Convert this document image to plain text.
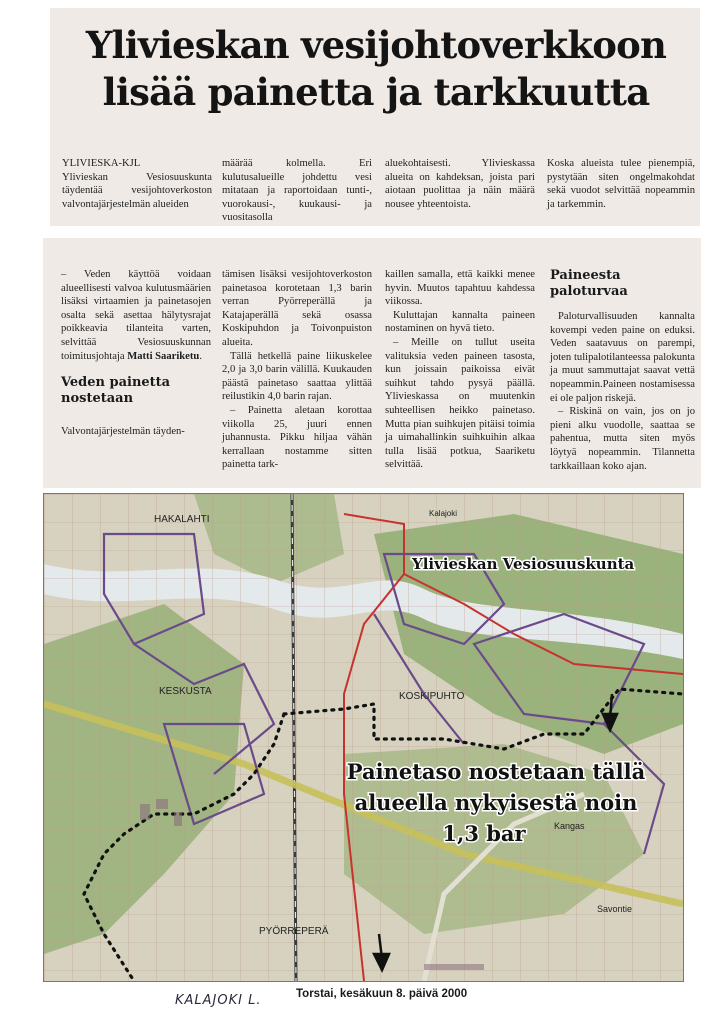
Ylivieskan vesijohtoverkkoon
lisää painetta ja tarkkuutta
YLIVIESKA-KJL
Ylivieskan Vesiosuuskunta täydentää vesijohtoverkoston valvontajärjestelmän alueiden
määrää kolmella. Eri kulutusalueille johdettu vesi mitataan ja raportoidaan tunti-, vuorokausi-, kuukausi- ja vuositasolla
aluekohtaisesti. Ylivieskassa alueita on kahdeksan, joista pari aiotaan puolittaa ja näin määrä nousee yhteentoista.
Koska alueista tulee pienempiä, pystytään siten ongelmakohdat sekä vuodot selvittää nopeammin ja tarkemmin.

– Veden käyttöä voidaan alueellisesti valvoa kulutusmäärien lisäksi virtaamien ja painetasojen osalta sekä asettaa hälytysrajat poikkeavia tilanteita varten, selvittää Vesiosuuskunnan toimitusjohtaja Matti Saariketu.

Veden painetta nostetaan

Valvontajärjestelmän täyden-

tämisen lisäksi vesijohtoverkoston painetasoa korotetaan 1,3 barin verran Pyörreperällä ja Katajaperällä sekä osassa Koskipuhdon ja Toivonpuiston alueita.

Tällä hetkellä paine liikuskelee 2,0 ja 3,0 barin välillä. Kuukauden päästä painetaso saattaa ylittää reilustikin 4,0 barin rajan.

– Painetta aletaan korottaa viikolla 25, juuri ennen juhannusta. Pikku hiljaa vähän kerrallaan nostamme sitten painetta tark-

kaillen samalla, että kaikki menee hyvin. Muutos tapahtuu kahdessa viikossa.

Kuluttajan kannalta paineen nostaminen on hyvä tieto.

– Meille on tullut useita valituksia veden paineen tasosta, kun joissain paikoissa eivät suihkut tahdo pysyä päällä. Ylivieskassa on muutenkin suhteellisen heikko painetaso. Mutta pian suihkujen pitäisi toimia ja uimahallinkin suihkuihin alkaa tulla lisää potkua, Saariketu selvittää.

Paineesta paloturvaa

Paloturvallisuuden kannalta kovempi veden paine on eduksi. Veden saatavuus on parempi, joten tulipalotilanteessa palokunta ja muut sammuttajat saavat vettä nopeammin.Paineen nostamisessa ei ole paljon riskejä.

– Riskinä on vain, jos on jo pieni alku vuodolle, saattaa se pahentua, mutta siten myös löytyä nopeammin. Tilannetta tarkkaillaan koko ajan.

HAKALAHTI
KESKUSTA	KOSKIPUHTO
PYÖRREPERÄ
Kangas
Savontie
Kalajoki
Ylivieskan Vesiosuuskunta
Painetaso nostetaan tällä
alueella nykyisestä noin
1,3 bar
KALAJOKI L.	Torstai, kesäkuun 8. päivä 2000
